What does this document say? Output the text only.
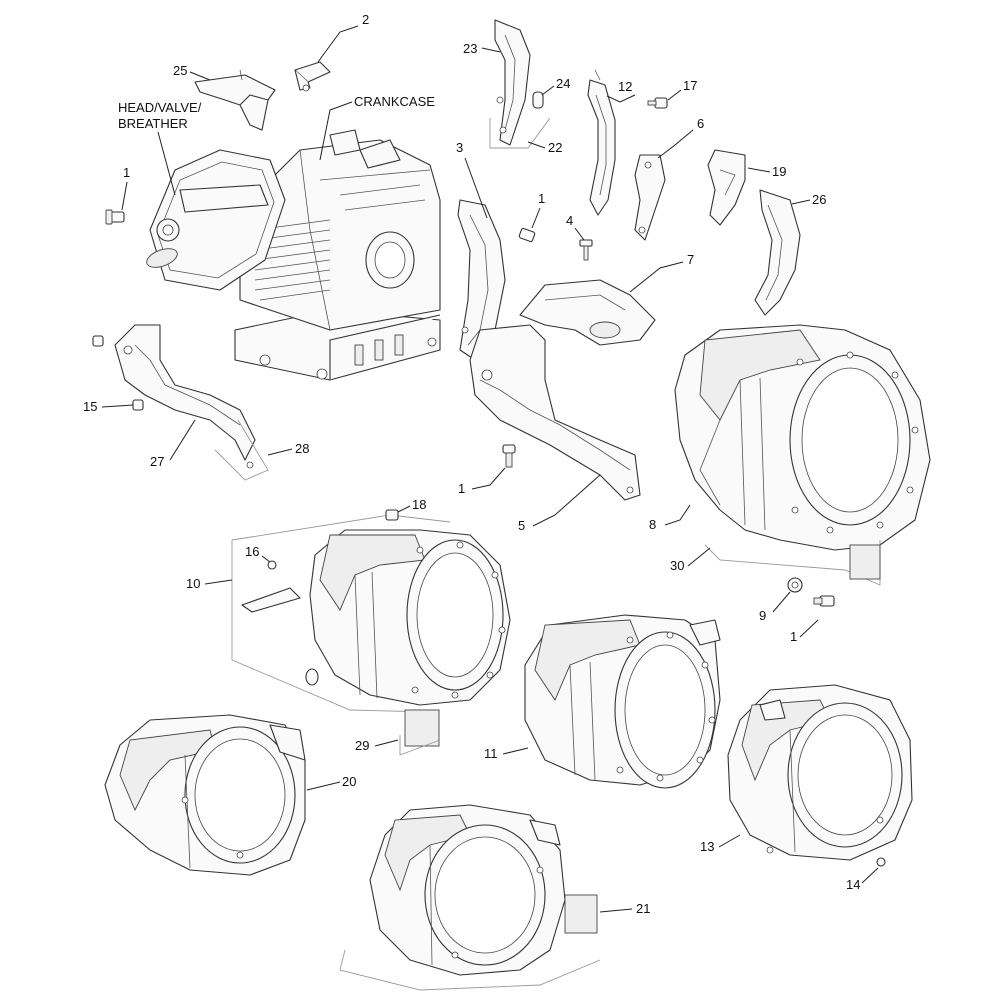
HEAD/VALVE/
BREATHER
CRANKCASE
25
2
1
23
24
22
3
1
4
12	17
6
19
26
7
5
1
15
28
27
30
8
9
1
16
18
10
29
11
20
21
13
14
